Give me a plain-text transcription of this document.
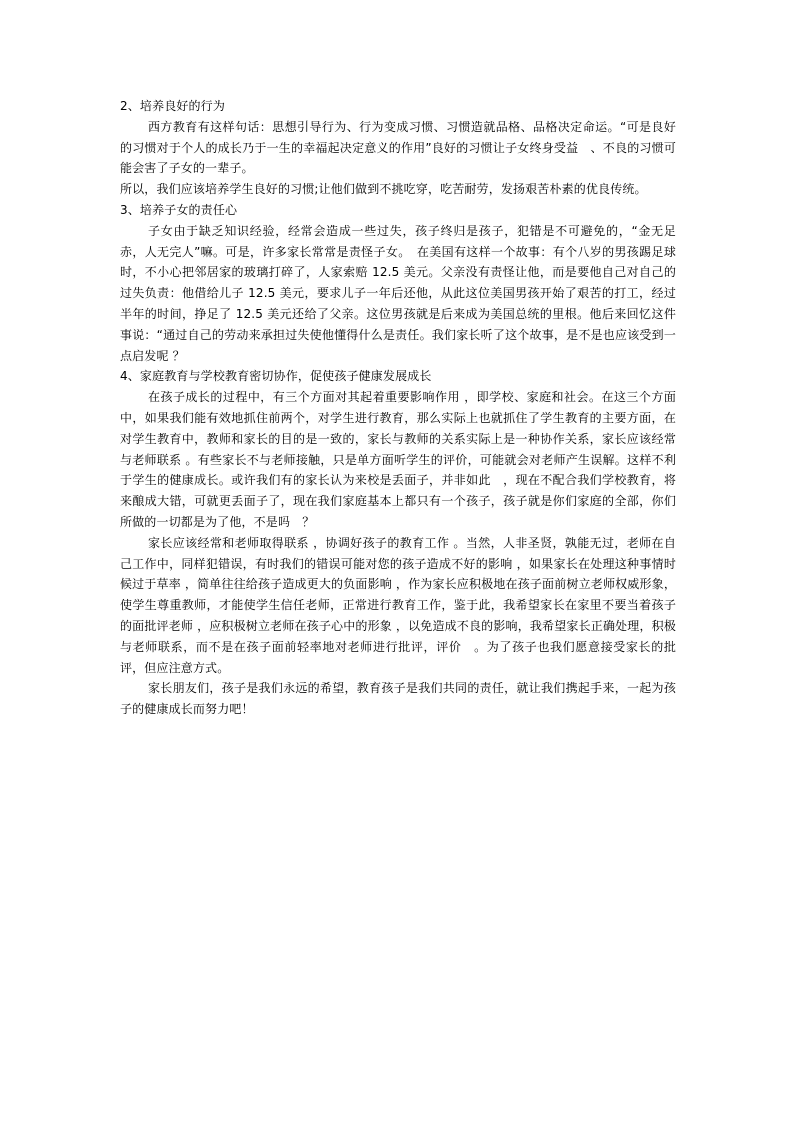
2、培养良好的行为

西方教育有这样句话：思想引导行为、行为变成习惯、习惯造就品格、品格决定命运。“可是良好的习惯对于个人的成长乃于一生的幸福起决定意义的作用”良好的习惯让子女终身受益　、不良的习惯可能会害了子女的一辈子。

所以，我们应该培养学生良好的习惯;让他们做到不挑吃穿，吃苦耐劳，发扬艰苦朴素的优良传统。

3、培养子女的责任心

子女由于缺乏知识经验，经常会造成一些过失，孩子终归是孩子，犯错是不可避免的，“金无足赤，人无完人”嘛。可是，许多家长常常是责怪子女。　在美国有这样一个故事：有个八岁的男孩踢足球时，不小心把邻居家的玻璃打碎了，人家索赔 12.5 美元。父亲没有责怪让他，而是要他自己对自己的过失负责：他借给儿子 12.5 美元，要求儿子一年后还他，从此这位美国男孩开始了艰苦的打工，经过半年的时间，挣足了 12.5 美元还给了父亲。这位男孩就是后来成为美国总统的里根。他后来回忆这件事说：“通过自己的劳动来承担过失使他懂得什么是责任。我们家长听了这个故事，是不是也应该受到一点启发呢 ？

4、家庭教育与学校教育密切协作，促使孩子健康发展成长

在孩子成长的过程中，有三个方面对其起着重要影响作用 ，即学校、家庭和社会。在这三个方面中，如果我们能有效地抓住前两个，对学生进行教育，那么实际上也就抓住了学生教育的主要方面，在对学生教育中，教师和家长的目的是一致的，家长与教师的关系实际上是一种协作关系，家长应该经常与老师联系 。有些家长不与老师接触，只是单方面听学生的评价，可能就会对老师产生误解。这样不利于学生的健康成长。或许我们有的家长认为来校是丢面子，并非如此　，现在不配合我们学校教育，将来酿成大错，可就更丢面子了，现在我们家庭基本上都只有一个孩子，孩子就是你们家庭的全部，你们所做的一切都是为了他，不是吗　？

家长应该经常和老师取得联系 ，协调好孩子的教育工作 。当然，人非圣贤，孰能无过，老师在自己工作中，同样犯错误，有时我们的错误可能对您的孩子造成不好的影响 ，如果家长在处理这种事情时候过于草率 ，简单往往给孩子造成更大的负面影响 ，作为家长应积极地在孩子面前树立老师权威形象，使学生尊重教师，才能使学生信任老师，正常进行教育工作，鉴于此，我希望家长在家里不要当着孩子的面批评老师 ，应积极树立老师在孩子心中的形象 ，以免造成不良的影响，我希望家长正确处理，积极与老师联系，而不是在孩子面前轻率地对老师进行批评，评价　。为了孩子也我们愿意接受家长的批评，但应注意方式。

家长朋友们，孩子是我们永远的希望，教育孩子是我们共同的责任，就让我们携起手来，一起为孩子的健康成长而努力吧！
